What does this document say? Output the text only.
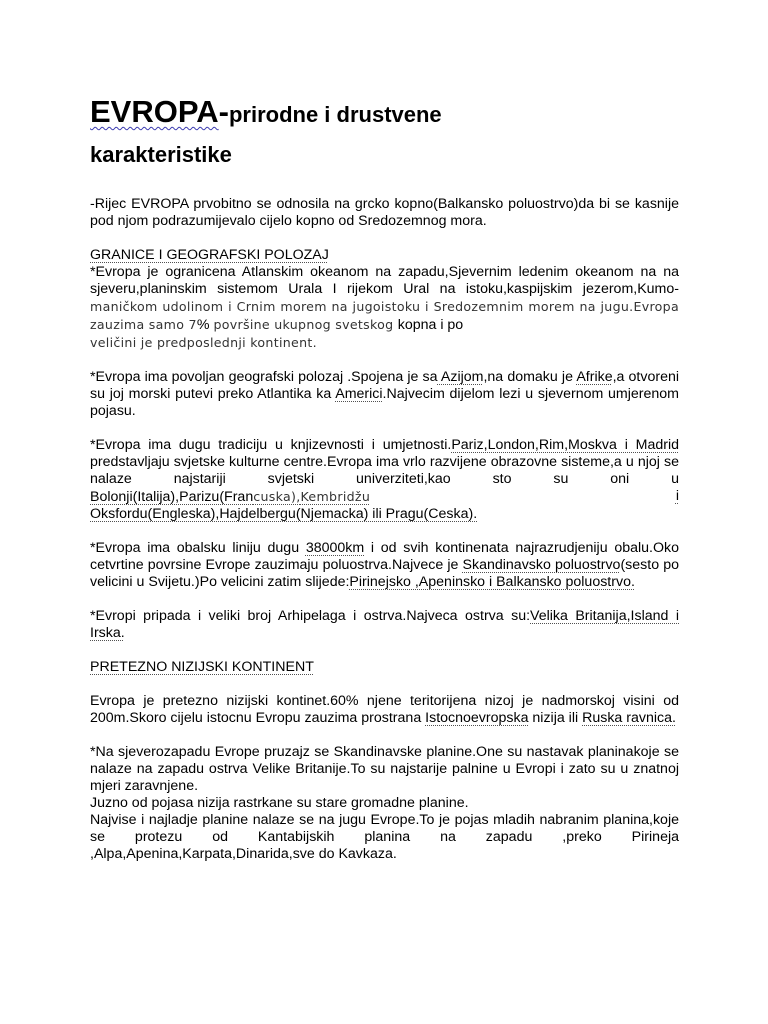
EVROPA-prirodne i drustvene
karakteristike

-Rijec EVROPA prvobitno se odnosila na grcko kopno(Balkansko poluostrvo)da bi se kasnije pod njom podrazumijevalo cijelo kopno od Sredozemnog mora.

GRANICE I GEOGRAFSKI POLOZAJ

*Evropa je ogranicena Atlanskim okeanom na zapadu,Sjevernim ledenim okeanom na na sjeveru,planinskim sistemom Urala I rijekom Ural na istoku,kaspijskim jezerom,Kumo-maničkom udolinom i Crnim morem na jugoistoku i Sredozemnim morem na jugu.Evropa zauzima samo 7% površine ukupnog svetskog kopna i po
veličini je predposlednji kontinent.

*Evropa ima povoljan geografski polozaj .Spojena je sa Azijom,na domaku je Afrike,a otvoreni su joj morski putevi preko Atlantika ka Americi.Najvecim dijelom lezi u sjevernom umjerenom pojasu.

*Evropa ima dugu tradiciju u knjizevnosti i umjetnosti.Pariz,London,Rim,Moskva i Madrid predstavljaju svjetske kulturne centre.Evropa ima vrlo razvijene obrazovne sisteme,a u njoj se nalaze najstariji svjetski univerziteti,kao sto su oni u Bolonji(Italija),Parizu(Francuska),Kembridžu	i

Oksfordu(Engleska),Hajdelbergu(Njemacka) ili Pragu(Ceska).

*Evropa ima obalsku liniju dugu 38000km i od svih kontinenata najrazrudjeniju obalu.Oko cetvrtine povrsine Evrope zauzimaju poluostrva.Najvece je Skandinavsko poluostrvo(sesto po velicini u Svijetu.)Po velicini zatim slijede:Pirinejsko ,Apeninsko i Balkansko poluostrvo.

*Evropi pripada i veliki broj Arhipelaga i ostrva.Najveca ostrva su:Velika Britanija,Island i Irska.

PRETEZNO NIZIJSKI KONTINENT

Evropa je pretezno nizijski kontinet.60% njene teritorijena nizoj je nadmorskoj visini od 200m.Skoro cijelu istocnu Evropu zauzima prostrana Istocnoevropska nizija ili Ruska ravnica.

*Na sjeverozapadu Evrope pruzajz se Skandinavske planine.One su nastavak planinakoje se nalaze na zapadu ostrva Velike Britanije.To su najstarije palnine u Evropi i zato su u znatnoj mjeri zaravnjene.

Juzno od pojasa nizija rastrkane su stare gromadne planine.

Najvise i najladje planine nalaze se na jugu Evrope.To je pojas mladih nabranim planina,koje se protezu od Kantabijskih planina na zapadu ,preko Pirineja ,Alpa,Apenina,Karpata,Dinarida,sve do Kavkaza.
